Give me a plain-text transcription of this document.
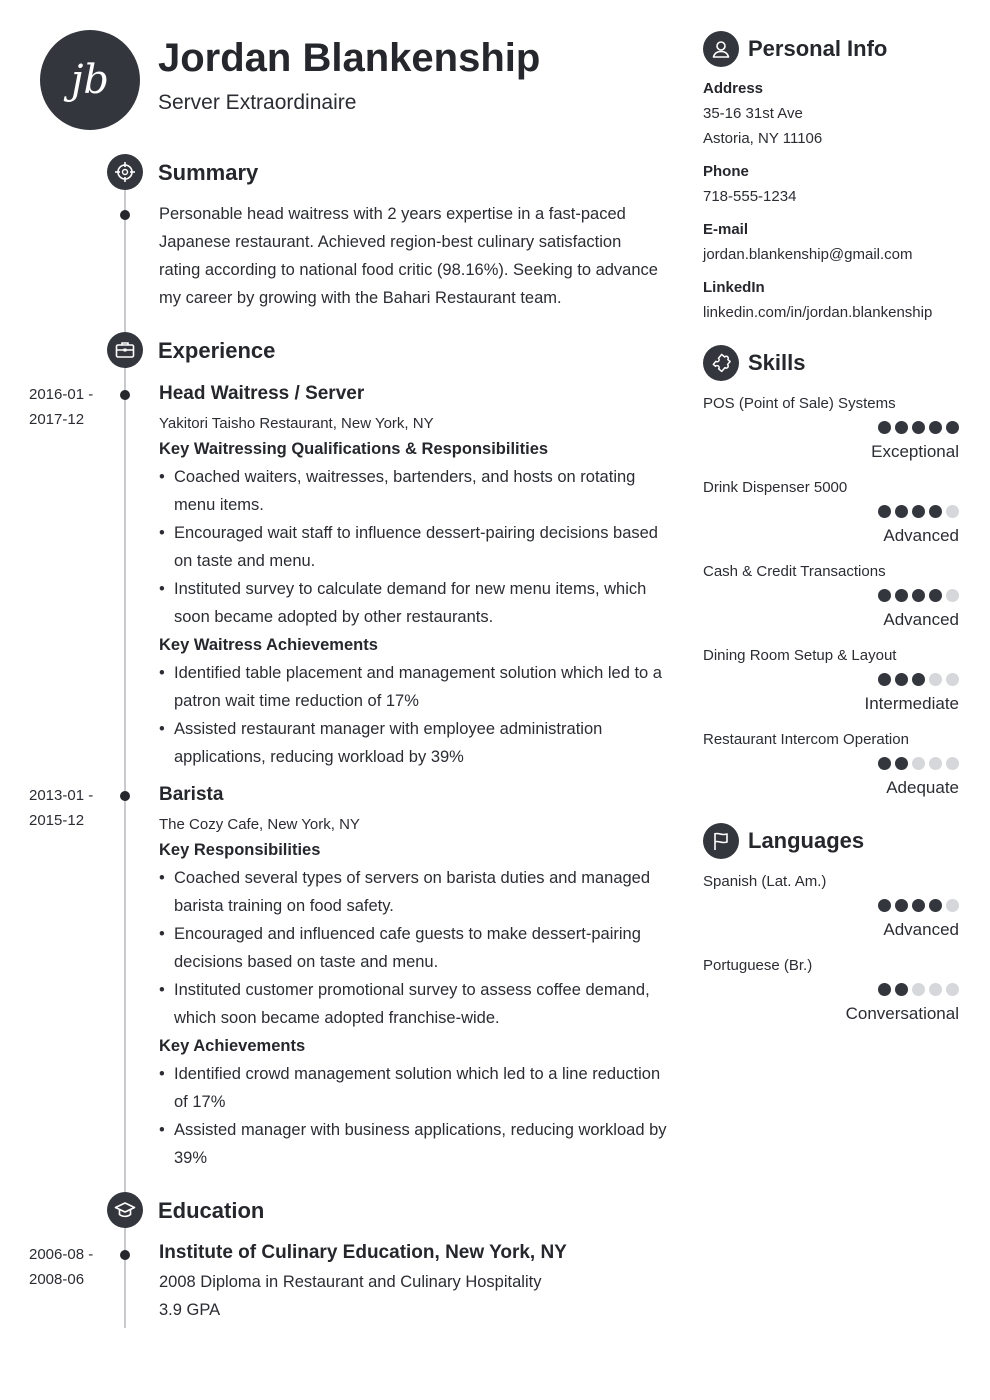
jb Jordan Blankenship
Server Extraordinaire
Summary
Personable head waitress with 2 years expertise in a fast-paced Japanese restaurant. Achieved region-best culinary satisfaction rating according to national food critic (98.16%). Seeking to advance my career by growing with the Bahari Restaurant team.
Experience
2016-01 -
2017-12
Head Waitress / Server
Yakitori Taisho Restaurant, New York, NY
Key Waitressing Qualifications & Responsibilities
• Coached waiters, waitresses, bartenders, and hosts on rotating menu items.
• Encouraged wait staff to influence dessert-pairing decisions based on taste and menu.
• Instituted survey to calculate demand for new menu items, which soon became adopted by other restaurants.
Key Waitress Achievements
• Identified table placement and management solution which led to a patron wait time reduction of 17%
• Assisted restaurant manager with employee administration applications, reducing workload by 39%
2013-01 -
2015-12
Barista
The Cozy Cafe, New York, NY
Key Responsibilities
• Coached several types of servers on barista duties and managed barista training on food safety.
• Encouraged and influenced cafe guests to make dessert-pairing decisions based on taste and menu.
• Instituted customer promotional survey to assess coffee demand, which soon became adopted franchise-wide.
Key Achievements
• Identified crowd management solution which led to a line reduction of 17%
• Assisted manager with business applications, reducing workload by 39%
Education
2006-08 -
2008-06
Institute of Culinary Education, New York, NY
2008 Diploma in Restaurant and Culinary Hospitality
3.9 GPA
Personal Info
Address
35-16 31st Ave
Astoria, NY 11106
Phone
718-555-1234
E-mail
jordan.blankenship@gmail.com
LinkedIn
linkedin.com/in/jordan.blankenship
Skills
POS (Point of Sale) Systems
Exceptional
Drink Dispenser 5000
Advanced
Cash & Credit Transactions
Advanced
Dining Room Setup & Layout
Intermediate
Restaurant Intercom Operation
Adequate
Languages
Spanish (Lat. Am.)
Advanced
Portuguese (Br.)
Conversational
